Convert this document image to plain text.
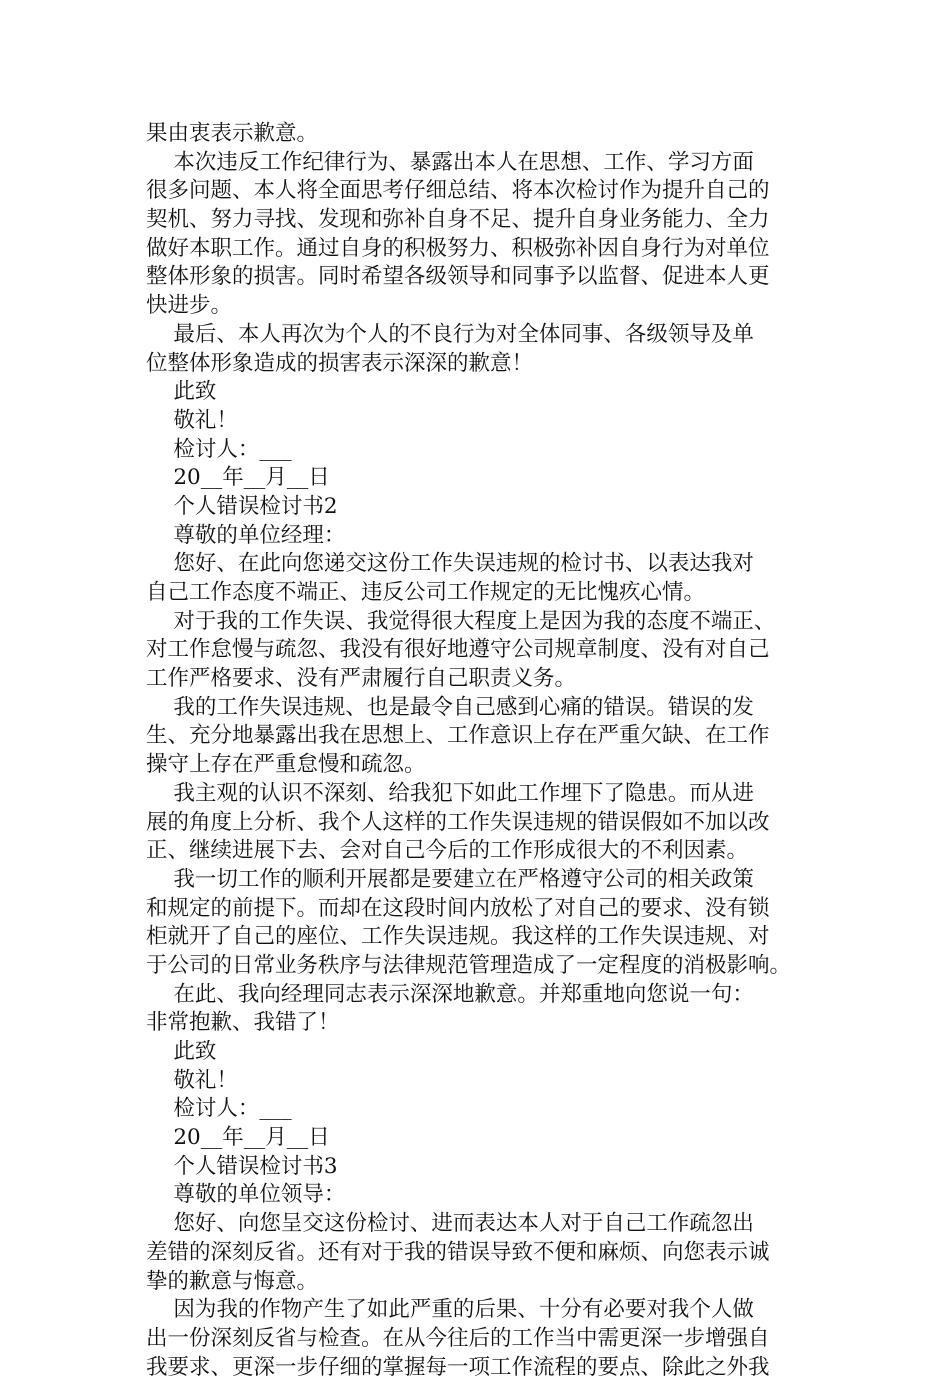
果由衷表示歉意。
本次违反工作纪律行为、暴露出本人在思想、工作、学习方面
很多问题、本人将全面思考仔细总结、将本次检讨作为提升自己的
契机、努力寻找、发现和弥补自身不足、提升自身业务能力、全力
做好本职工作。通过自身的积极努力、积极弥补因自身行为对单位
整体形象的损害。同时希望各级领导和同事予以监督、促进本人更
快进步。
最后、本人再次为个人的不良行为对全体同事、各级领导及单
位整体形象造成的损害表示深深的歉意！
此致
敬礼！
检讨人：___
20__年__月__日
个人错误检讨书2
尊敬的单位经理：
您好、在此向您递交这份工作失误违规的检讨书、以表达我对
自己工作态度不端正、违反公司工作规定的无比愧疚心情。
对于我的工作失误、我觉得很大程度上是因为我的态度不端正、
对工作怠慢与疏忽、我没有很好地遵守公司规章制度、没有对自己
工作严格要求、没有严肃履行自己职责义务。
我的工作失误违规、也是最令自己感到心痛的错误。错误的发
生、充分地暴露出我在思想上、工作意识上存在严重欠缺、在工作
操守上存在严重怠慢和疏忽。
我主观的认识不深刻、给我犯下如此工作埋下了隐患。而从进
展的角度上分析、我个人这样的工作失误违规的错误假如不加以改
正、继续进展下去、会对自己今后的工作形成很大的不利因素。
我一切工作的顺利开展都是要建立在严格遵守公司的相关政策
和规定的前提下。而却在这段时间内放松了对自己的要求、没有锁
柜就开了自己的座位、工作失误违规。我这样的工作失误违规、对
于公司的日常业务秩序与法律规范管理造成了一定程度的消极影响。
在此、我向经理同志表示深深地歉意。并郑重地向您说一句：
非常抱歉、我错了！
此致
敬礼！
检讨人：___
20__年__月__日
个人错误检讨书3
尊敬的单位领导：
您好、向您呈交这份检讨、进而表达本人对于自己工作疏忽出
差错的深刻反省。还有对于我的错误导致不便和麻烦、向您表示诚
挚的歉意与悔意。
因为我的作物产生了如此严重的后果、十分有必要对我个人做
出一份深刻反省与检查。在从今往后的工作当中需更深一步增强自
我要求、更深一步仔细的掌握每一项工作流程的要点、除此之外我
